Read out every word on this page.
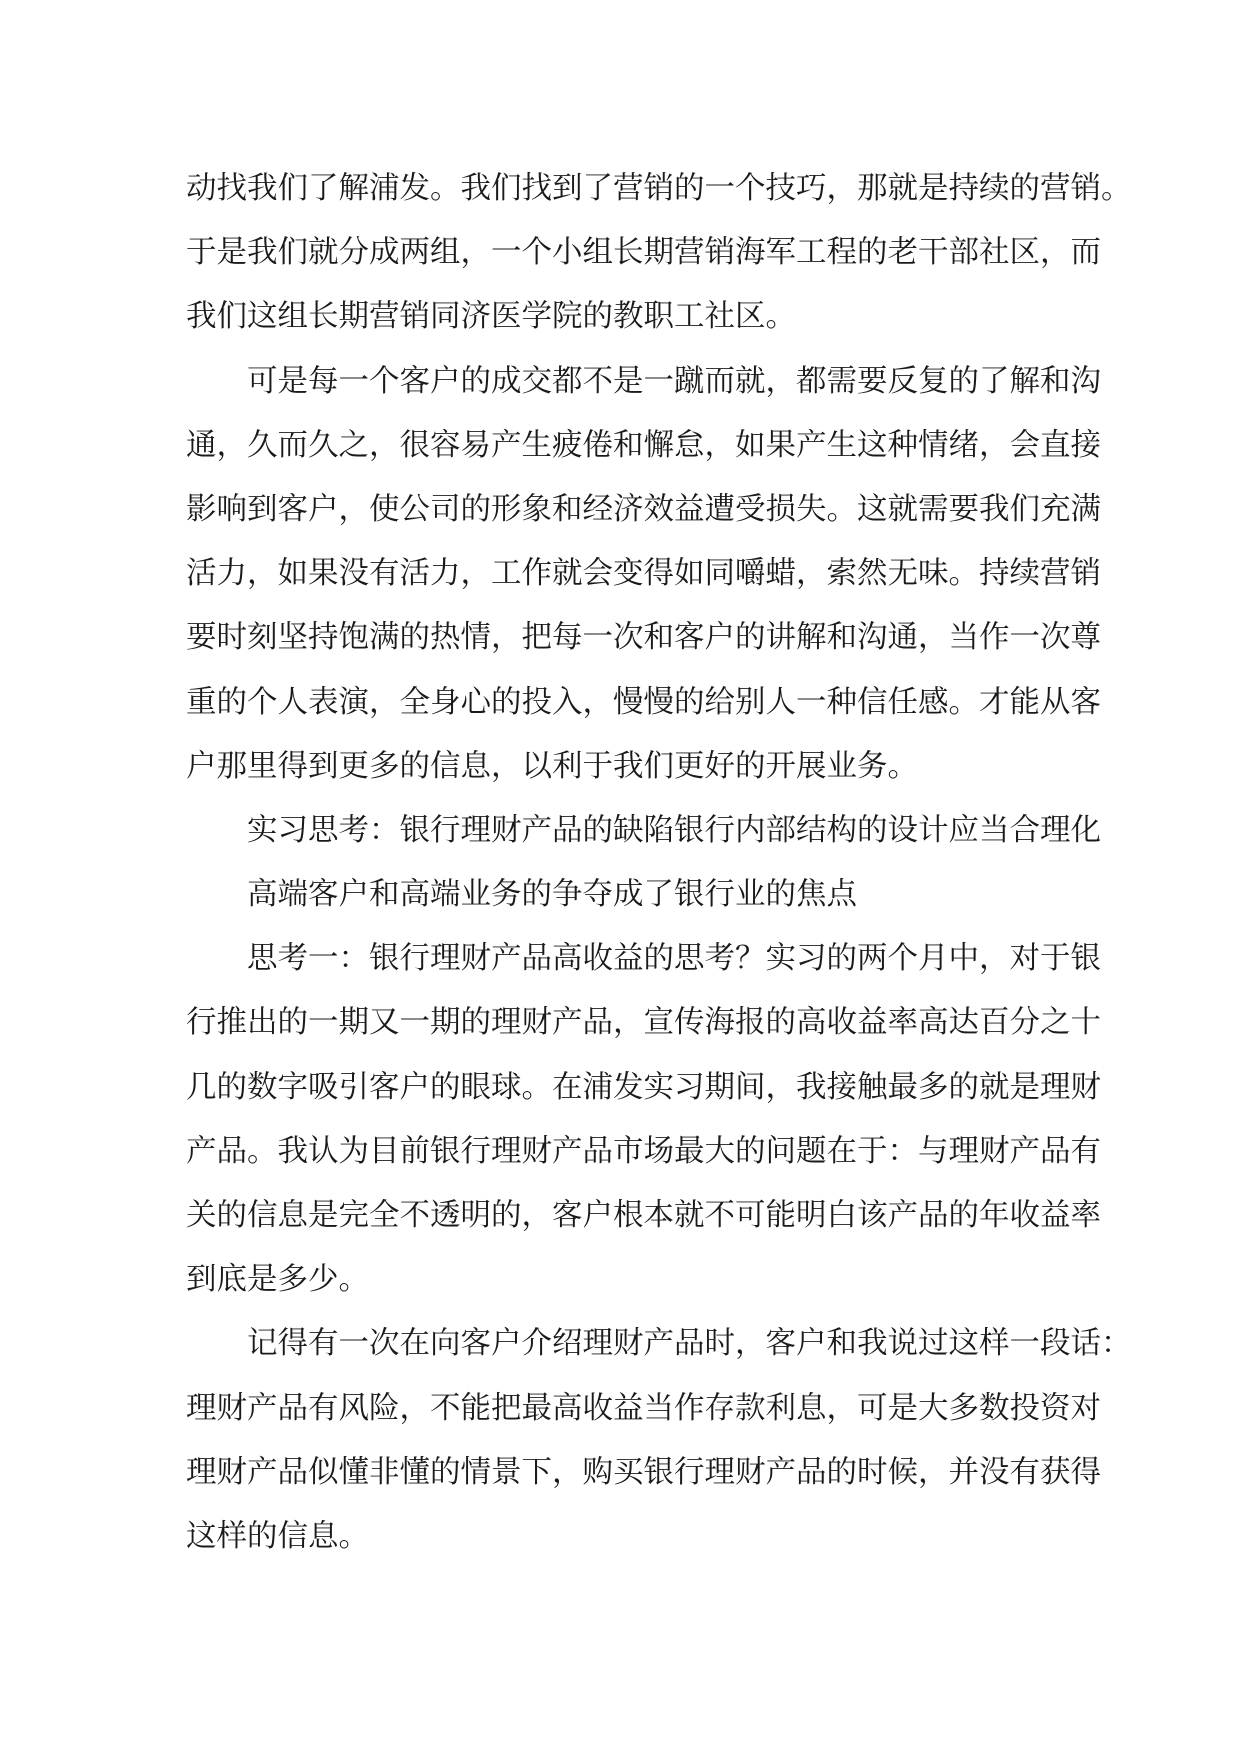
动找我们了解浦发。我们找到了营销的一个技巧，那就是持续的营销。
于是我们就分成两组，一个小组长期营销海军工程的老干部社区，而
我们这组长期营销同济医学院的教职工社区。
可是每一个客户的成交都不是一蹴而就，都需要反复的了解和沟
通，久而久之，很容易产生疲倦和懈怠，如果产生这种情绪，会直接
影响到客户，使公司的形象和经济效益遭受损失。这就需要我们充满
活力，如果没有活力，工作就会变得如同嚼蜡，索然无味。持续营销
要时刻坚持饱满的热情，把每一次和客户的讲解和沟通，当作一次尊
重的个人表演，全身心的投入，慢慢的给别人一种信任感。才能从客
户那里得到更多的信息，以利于我们更好的开展业务。
实习思考：银行理财产品的缺陷银行内部结构的设计应当合理化
高端客户和高端业务的争夺成了银行业的焦点
思考一：银行理财产品高收益的思考？实习的两个月中，对于银
行推出的一期又一期的理财产品，宣传海报的高收益率高达百分之十
几的数字吸引客户的眼球。在浦发实习期间，我接触最多的就是理财
产品。我认为目前银行理财产品市场最大的问题在于：与理财产品有
关的信息是完全不透明的，客户根本就不可能明白该产品的年收益率
到底是多少。
记得有一次在向客户介绍理财产品时，客户和我说过这样一段话：
理财产品有风险，不能把最高收益当作存款利息，可是大多数投资对
理财产品似懂非懂的情景下，购买银行理财产品的时候，并没有获得
这样的信息。
